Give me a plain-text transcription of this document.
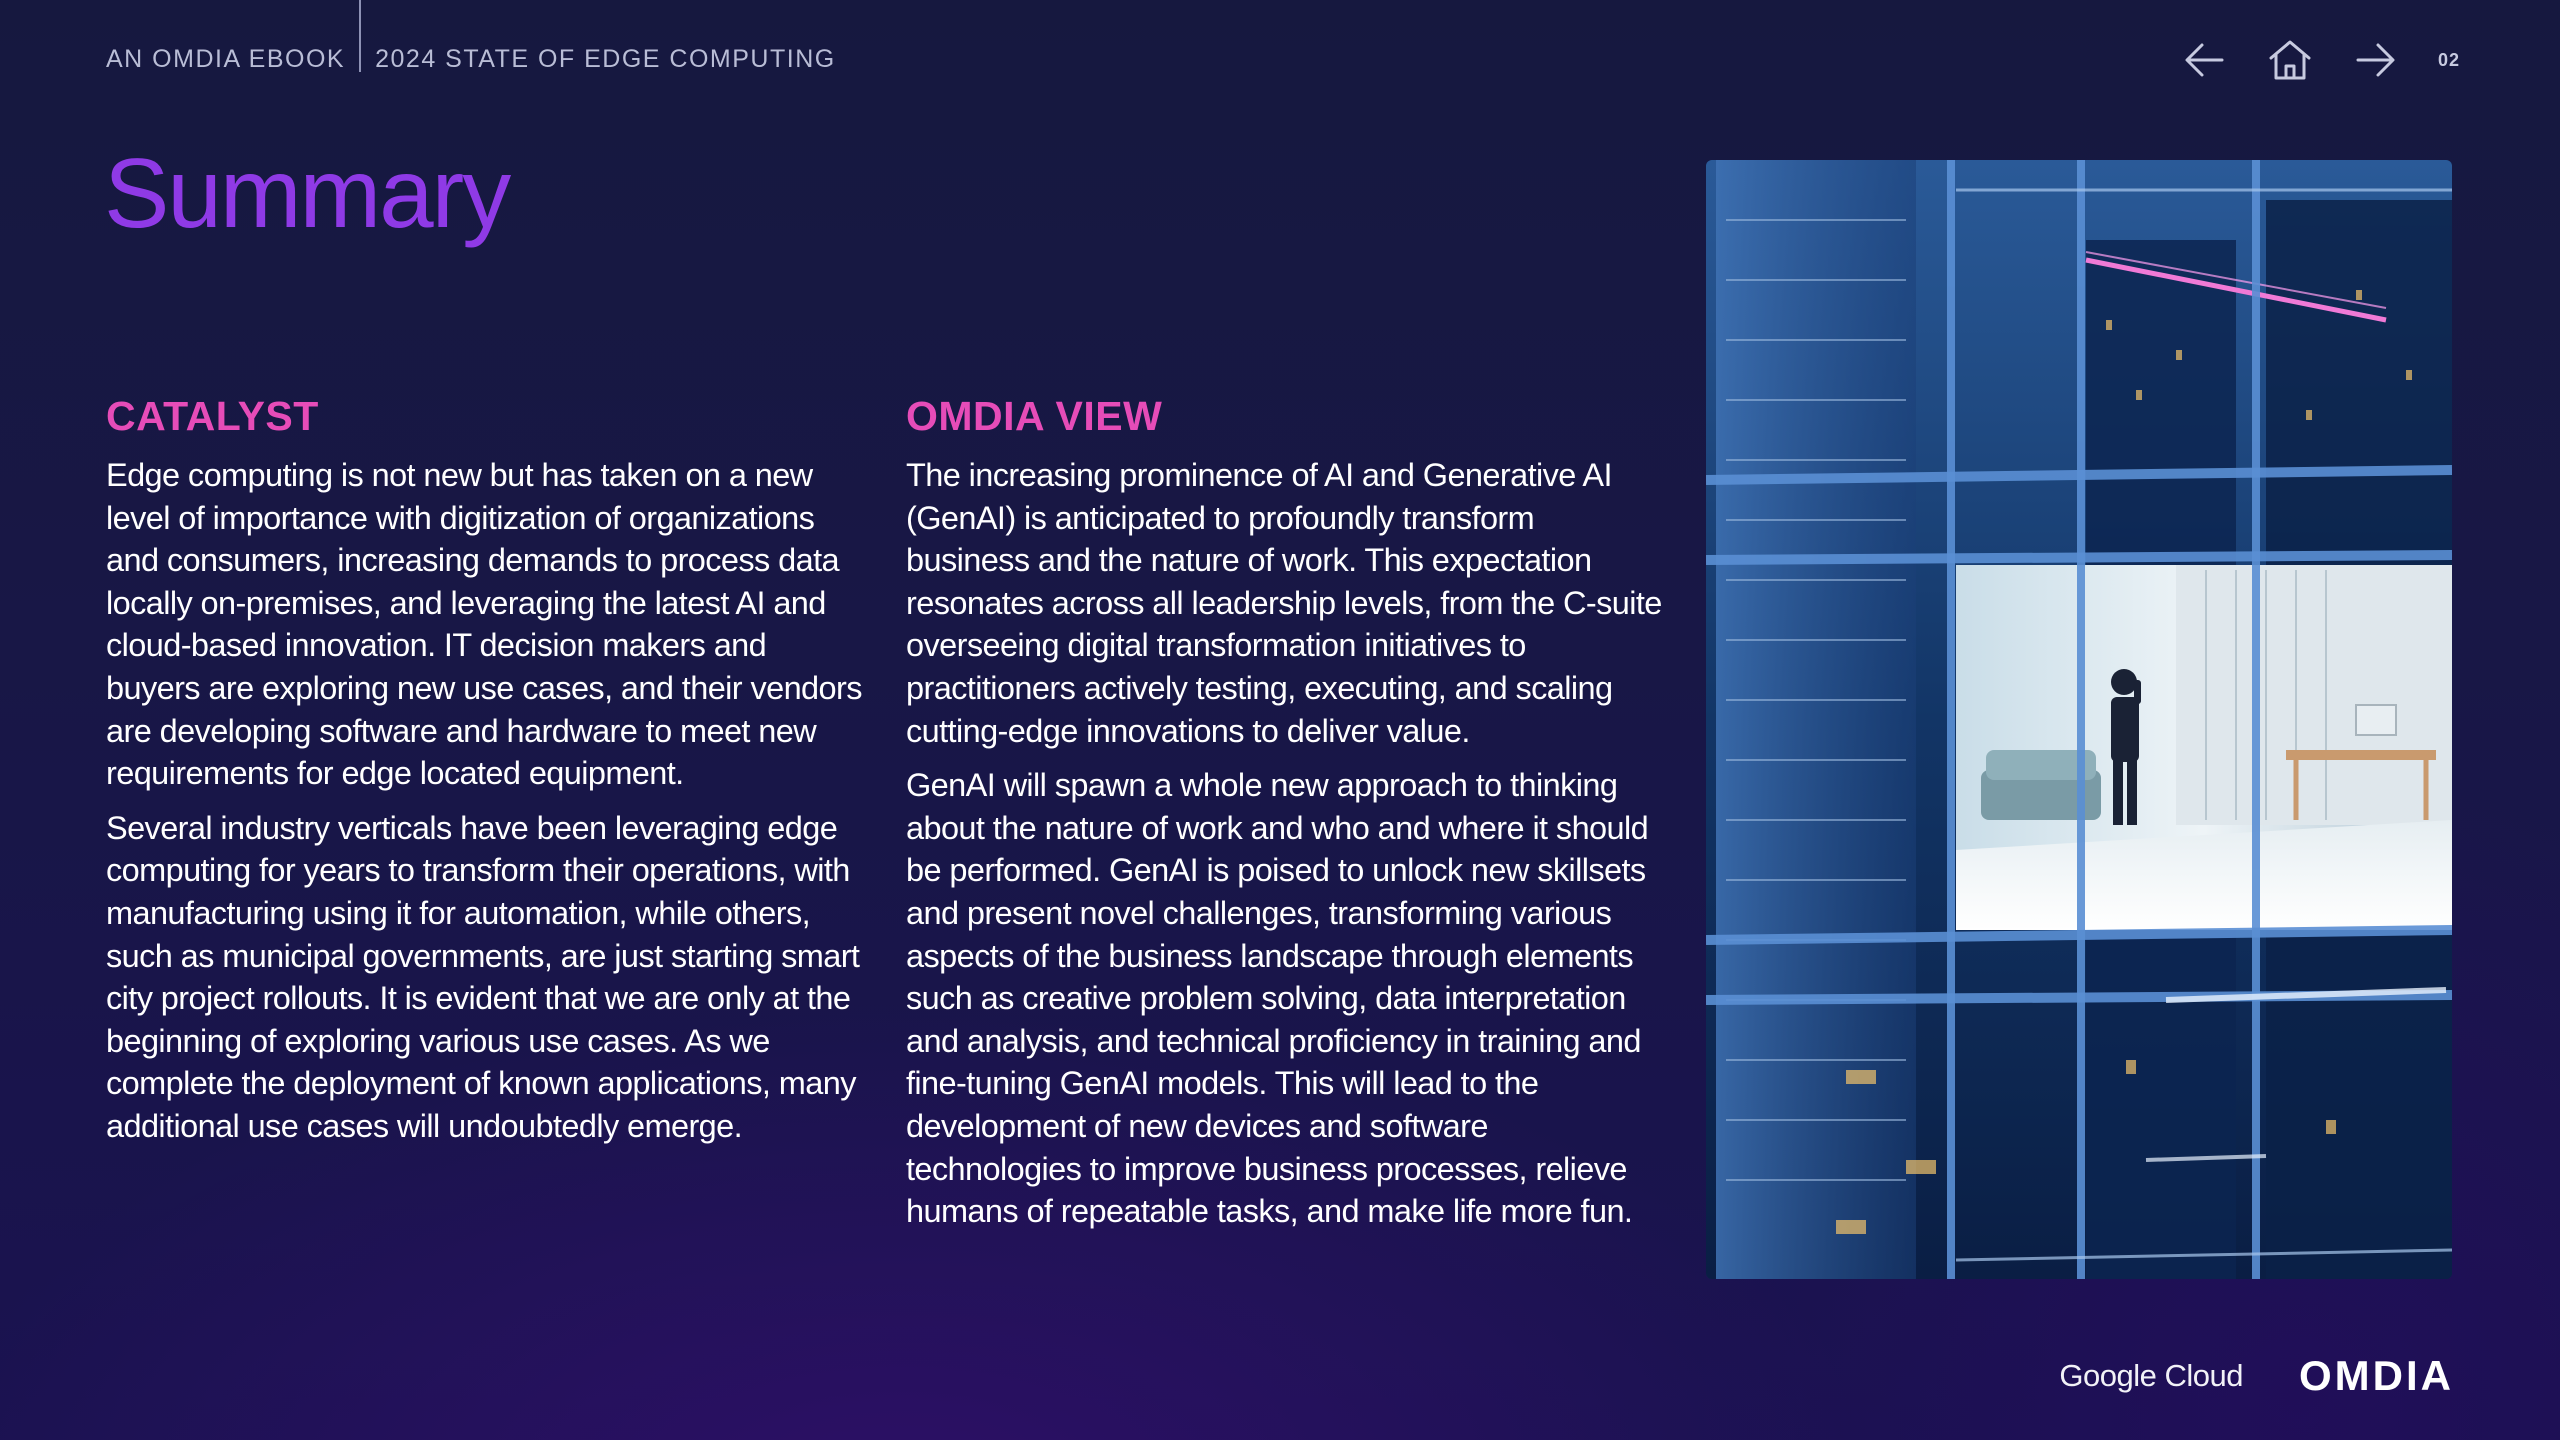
AN OMDIA EBOOK 2024 STATE OF EDGE COMPUTING	02
Summary
CATALYST

Edge computing is not new but has taken on a new level of importance with digitization of organizations and consumers, increasing demands to process data locally on-premises, and leveraging the latest AI and cloud-based innovation. IT decision makers and buyers are exploring new use cases, and their vendors are developing software and hardware to meet new requirements for edge located equipment.

Several industry verticals have been leveraging edge computing for years to transform their operations, with manufacturing using it for automation, while others, such as municipal governments, are just starting smart city project rollouts. It is evident that we are only at the beginning of exploring various use cases. As we complete the deployment of known applications, many additional use cases will undoubtedly emerge.

OMDIA VIEW

The increasing prominence of AI and Generative AI (GenAI) is anticipated to profoundly transform business and the nature of work. This expectation resonates across all leadership levels, from the C-suite overseeing digital transformation initiatives to practitioners actively testing, executing, and scaling cutting-edge innovations to deliver value.

GenAI will spawn a whole new approach to thinking about the nature of work and who and where it should be performed. GenAI is poised to unlock new skillsets and present novel challenges, transforming various aspects of the business landscape through elements such as creative problem solving, data interpretation and analysis, and technical proficiency in training and fine-tuning GenAI models. This will lead to the development of new devices and software technologies to improve business processes, relieve humans of repeatable tasks, and make life more fun.

Google Cloud OMDIA
